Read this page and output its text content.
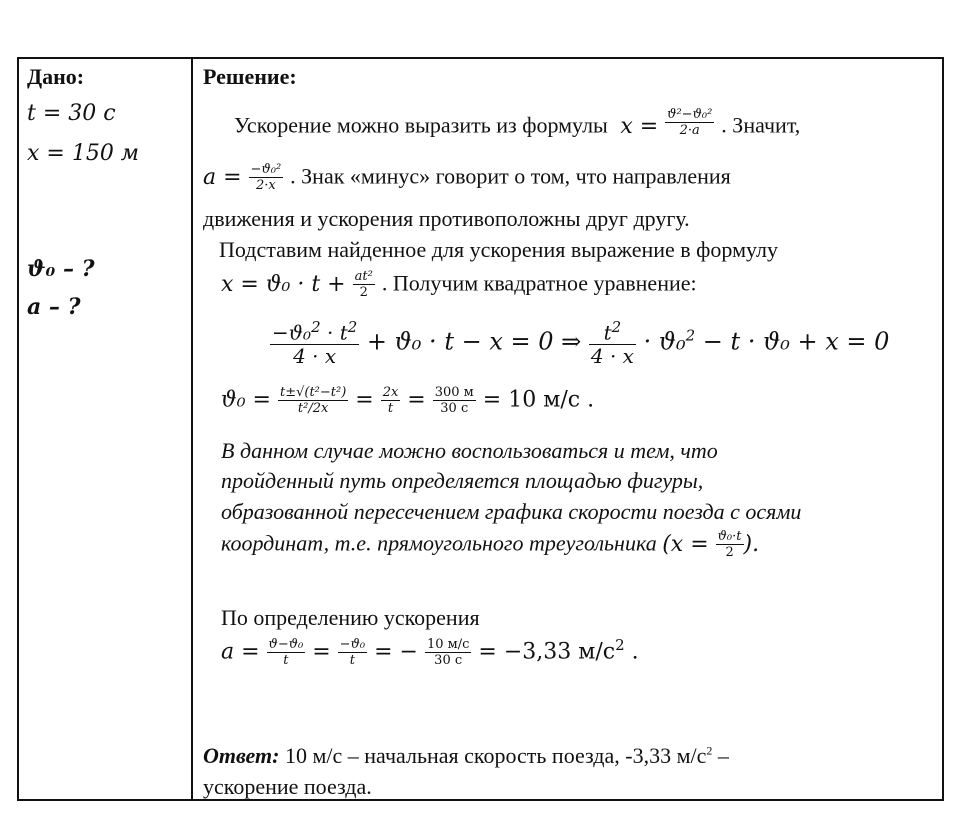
Дано:
t = 30 с
x = 150 м
ϑ₀ – ?
a – ?
Решение:
Ускорение можно выразить из формулы  $x = \frac{\text{ϑ²−ϑ₀²}}{2\cdot a}$ . Значит,
$a = \frac{\text{−ϑ₀²}}{2\cdot x}$ . Знак «минус» говорит о том, что направления
движения и ускорения противоположны друг другу.
Подставим найденное для ускорения выражение в формулу
$x = ϑ_0 \cdot t + \frac{\text{at²}}{2}$ . Получим квадратное уравнение:
$\frac{-ϑ_0^2 \cdot t^2}{4 \cdot x} + ϑ_0 \cdot t - x = 0$ ⇒ $\frac{t^2}{4 \cdot x} \cdot ϑ_0^2 - t \cdot ϑ_0 + x = 0$
$ϑ_0 = \frac{\text{t±√(t²−t²)}}{\text{t²/2x}} = \frac{2x}{t} = \frac{300 м}{30 с} = 10$ м/с .
В данном случае можно воспользоваться и тем, что
пройденный путь определяется площадью фигуры,
образованной пересечением графика скорости поезда с осями
координат, т.е. прямоугольного треугольника ($x = \frac{\text{ϑ₀·t}}{2}$ ).
По определению ускорения
$a = \frac{\text{ϑ−ϑ₀}}{t} = \frac{\text{−ϑ₀}}{t}$ = − $\frac{10 м/с}{30 с} = -3,33$ $м/с^2$ .
Ответ: 10 м/с – начальная скорость поезда, -3,33 $м/с^2$ –
ускорение поезда.
